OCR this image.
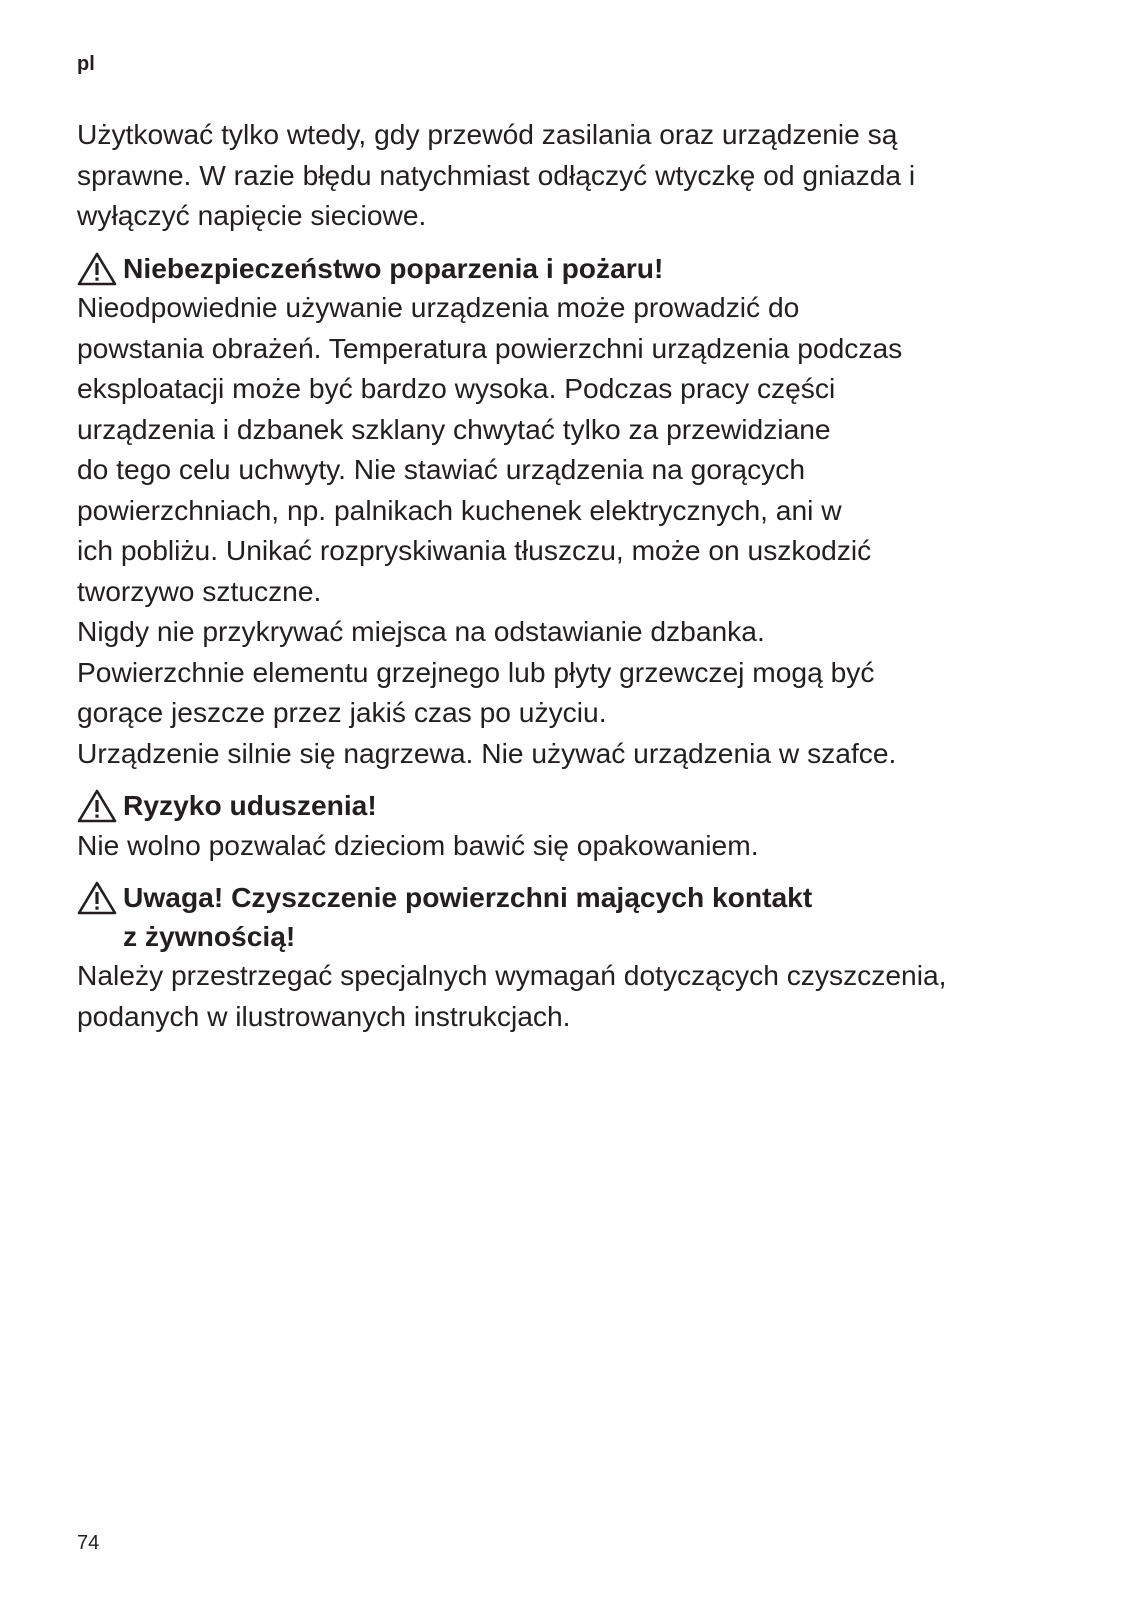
pl

Użytkować tylko wtedy, gdy przewód zasilania oraz urządzenie są
sprawne. W razie błędu natychmiast odłączyć wtyczkę od gniazda i
wyłączyć napięcie sieciowe.

Niebezpieczeństwo poparzenia i pożaru!

Nieodpowiednie używanie urządzenia może prowadzić do
powstania obrażeń. Temperatura powierzchni urządzenia podczas
eksploatacji może być bardzo wysoka. Podczas pracy części
urządzenia i dzbanek szklany chwytać tylko za przewidziane
do tego celu uchwyty. Nie stawiać urządzenia na gorących
powierzchniach, np. palnikach kuchenek elektrycznych, ani w
ich pobliżu. Unikać rozpryskiwania tłuszczu, może on uszkodzić
tworzywo sztuczne.
Nigdy nie przykrywać miejsca na odstawianie dzbanka.
Powierzchnie elementu grzejnego lub płyty grzewczej mogą być
gorące jeszcze przez jakiś czas po użyciu.
Urządzenie silnie się nagrzewa. Nie używać urządzenia w szafce.

Ryzyko uduszenia!

Nie wolno pozwalać dzieciom bawić się opakowaniem.

Uwaga! Czyszczenie powierzchni mających kontakt
z żywnością!

Należy przestrzegać specjalnych wymagań dotyczących czyszczenia,
podanych w ilustrowanych instrukcjach.

74
